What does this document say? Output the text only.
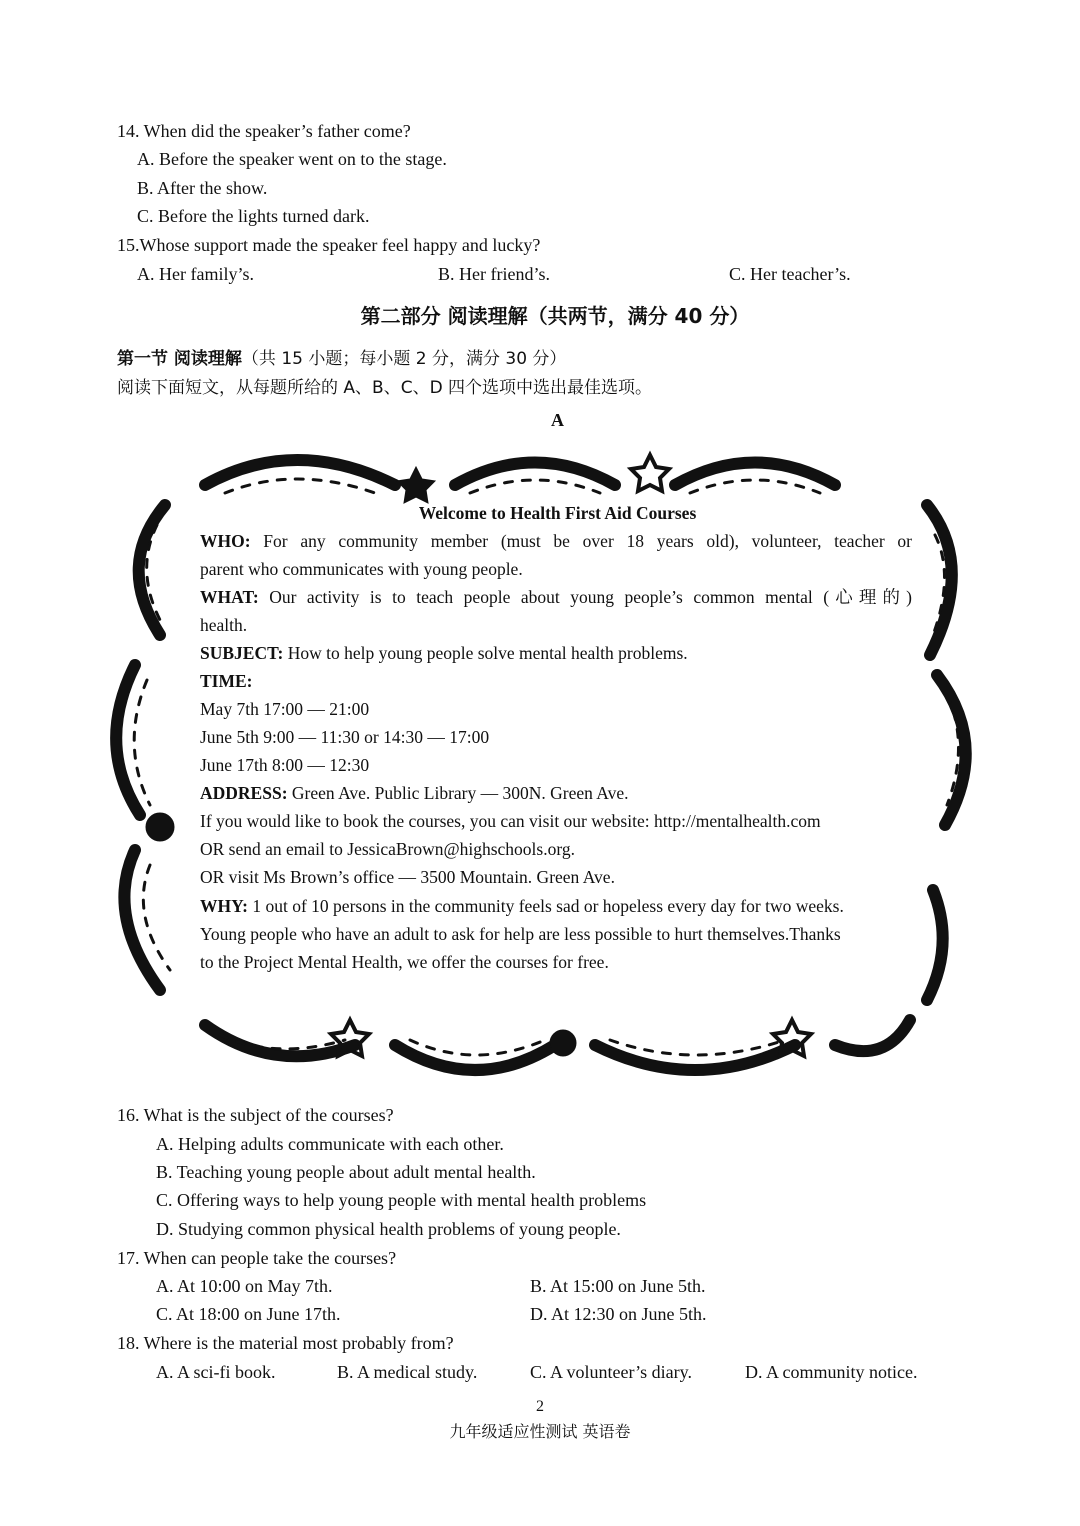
14. When did the speaker’s father come?
A. Before the speaker went on to the stage.
B. After the show.
C. Before the lights turned dark.
15.Whose support made the speaker feel happy and lucky?
A. Her family’s.	B. Her friend’s.	C. Her teacher’s.
第二部分 阅读理解（共两节，满分 40 分）
第一节 阅读理解（共 15 小题；每小题 2 分，满分 30 分）
阅读下面短文，从每题所给的 A、B、C、D 四个选项中选出最佳选项。
A
Welcome to Health First Aid Courses
WHO: For any community member (must be over 18 years old), volunteer, teacher or
parent who communicates with young people.
WHAT: Our activity is to teach people about young people’s common mental (心理的)
health.
SUBJECT: How to help young people solve mental health problems.
TIME:
May 7th 17:00 — 21:00
June 5th 9:00 — 11:30 or 14:30 — 17:00
June 17th 8:00 — 12:30
ADDRESS: Green Ave. Public Library — 300N. Green Ave.
If you would like to book the courses, you can visit our website: http://mentalhealth.com
OR send an email to JessicaBrown@highschools.org.
OR visit Ms Brown’s office — 3500 Mountain. Green Ave.
WHY: 1 out of 10 persons in the community feels sad or hopeless every day for two weeks.
Young people who have an adult to ask for help are less possible to hurt themselves.Thanks
to the Project Mental Health, we offer the courses for free.
16. What is the subject of the courses?
A. Helping adults communicate with each other.
B. Teaching young people about adult mental health.
C. Offering ways to help young people with mental health problems
D. Studying common physical health problems of young people.
17. When can people take the courses?
A. At 10:00 on May 7th.	B. At 15:00 on June 5th.
C. At 18:00 on June 17th.	D. At 12:30 on June 5th.
18. Where is the material most probably from?
A. A sci-fi book.	B. A medical study.	C. A volunteer’s diary.	D. A community notice.
2
九年级适应性测试 英语卷
